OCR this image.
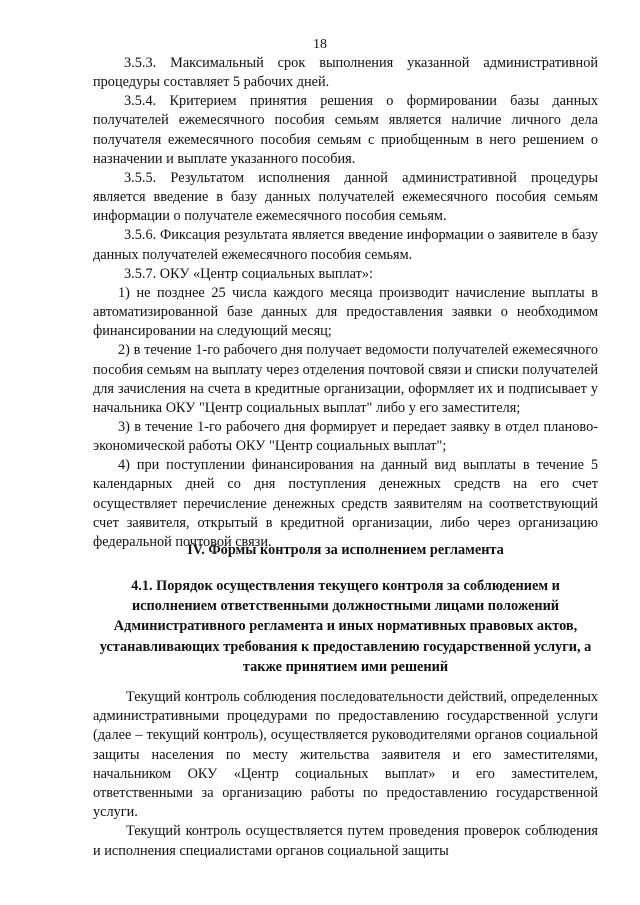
18

3.5.3. Максимальный срок выполнения указанной административной процедуры составляет 5 рабочих дней.

3.5.4. Критерием принятия решения о формировании базы данных получателей ежемесячного пособия семьям является наличие личного дела получателя ежемесячного пособия семьям с приобщенным в него решением о назначении и выплате указанного пособия.

3.5.5. Результатом исполнения данной административной процедуры является введение в базу данных получателей ежемесячного пособия семьям информации о получателе ежемесячного пособия семьям.

3.5.6. Фиксация результата является введение информации о заявителе в базу данных получателей ежемесячного пособия семьям.

3.5.7. ОКУ «Центр социальных выплат»:

1) не позднее 25 числа каждого месяца производит начисление выплаты в автоматизированной базе данных для предоставления заявки о необходимом финансировании на следующий месяц;

2) в течение 1-го рабочего дня получает ведомости получателей ежемесячного пособия семьям на выплату через отделения почтовой связи и списки получателей для зачисления на счета в кредитные организации, оформляет их и подписывает у начальника ОКУ "Центр социальных выплат" либо у его заместителя;

3) в течение 1-го рабочего дня формирует и передает заявку в отдел планово-экономической работы ОКУ "Центр социальных выплат";

4) при поступлении финансирования на данный вид выплаты в течение 5 календарных дней со дня поступления денежных средств на его счет осуществляет перечисление денежных средств заявителям на соответствующий счет заявителя, открытый в кредитной организации, либо через организацию федеральной почтовой связи.

IV. Формы контроля за исполнением регламента
4.1. Порядок осуществления текущего контроля за соблюдением и исполнением ответственными должностными лицами положений Административного регламента и иных нормативных правовых актов, устанавливающих требования к предоставлению государственной услуги, а также принятием ими решений

Текущий контроль соблюдения последовательности действий, определенных административными процедурами по предоставлению государственной услуги (далее – текущий контроль), осуществляется руководителями органов социальной защиты населения по месту жительства заявителя и его заместителями, начальником ОКУ «Центр социальных выплат» и его заместителем, ответственными за организацию работы по предоставлению государственной услуги.

Текущий контроль осуществляется путем проведения проверок соблюдения и исполнения специалистами органов социальной защиты
